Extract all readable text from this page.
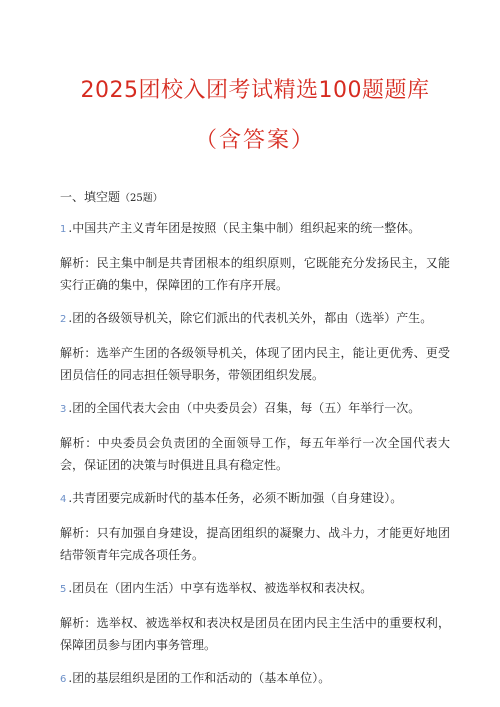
2025团校入团考试精选100题题库
（含答案）
一、填空题（25题）

1 .中国共产主义青年团是按照（民主集中制）组织起来的统一整体。

解析：民主集中制是共青团根本的组织原则，它既能充分发扬民主，又能实行正确的集中，保障团的工作有序开展。

2 .团的各级领导机关，除它们派出的代表机关外，都由（选举）产生。

解析：选举产生团的各级领导机关，体现了团内民主，能让更优秀、更受团员信任的同志担任领导职务，带领团组织发展。

3 .团的全国代表大会由（中央委员会）召集，每（五）年举行一次。

解析：中央委员会负责团的全面领导工作，每五年举行一次全国代表大会，保证团的决策与时俱进且具有稳定性。

4 .共青团要完成新时代的基本任务，必须不断加强（自身建设）。

解析：只有加强自身建设，提高团组织的凝聚力、战斗力，才能更好地团结带领青年完成各项任务。

5 .团员在（团内生活）中享有选举权、被选举权和表决权。

解析：选举权、被选举权和表决权是团员在团内民主生活中的重要权利，保障团员参与团内事务管理。

6 .团的基层组织是团的工作和活动的（基本单位）。
